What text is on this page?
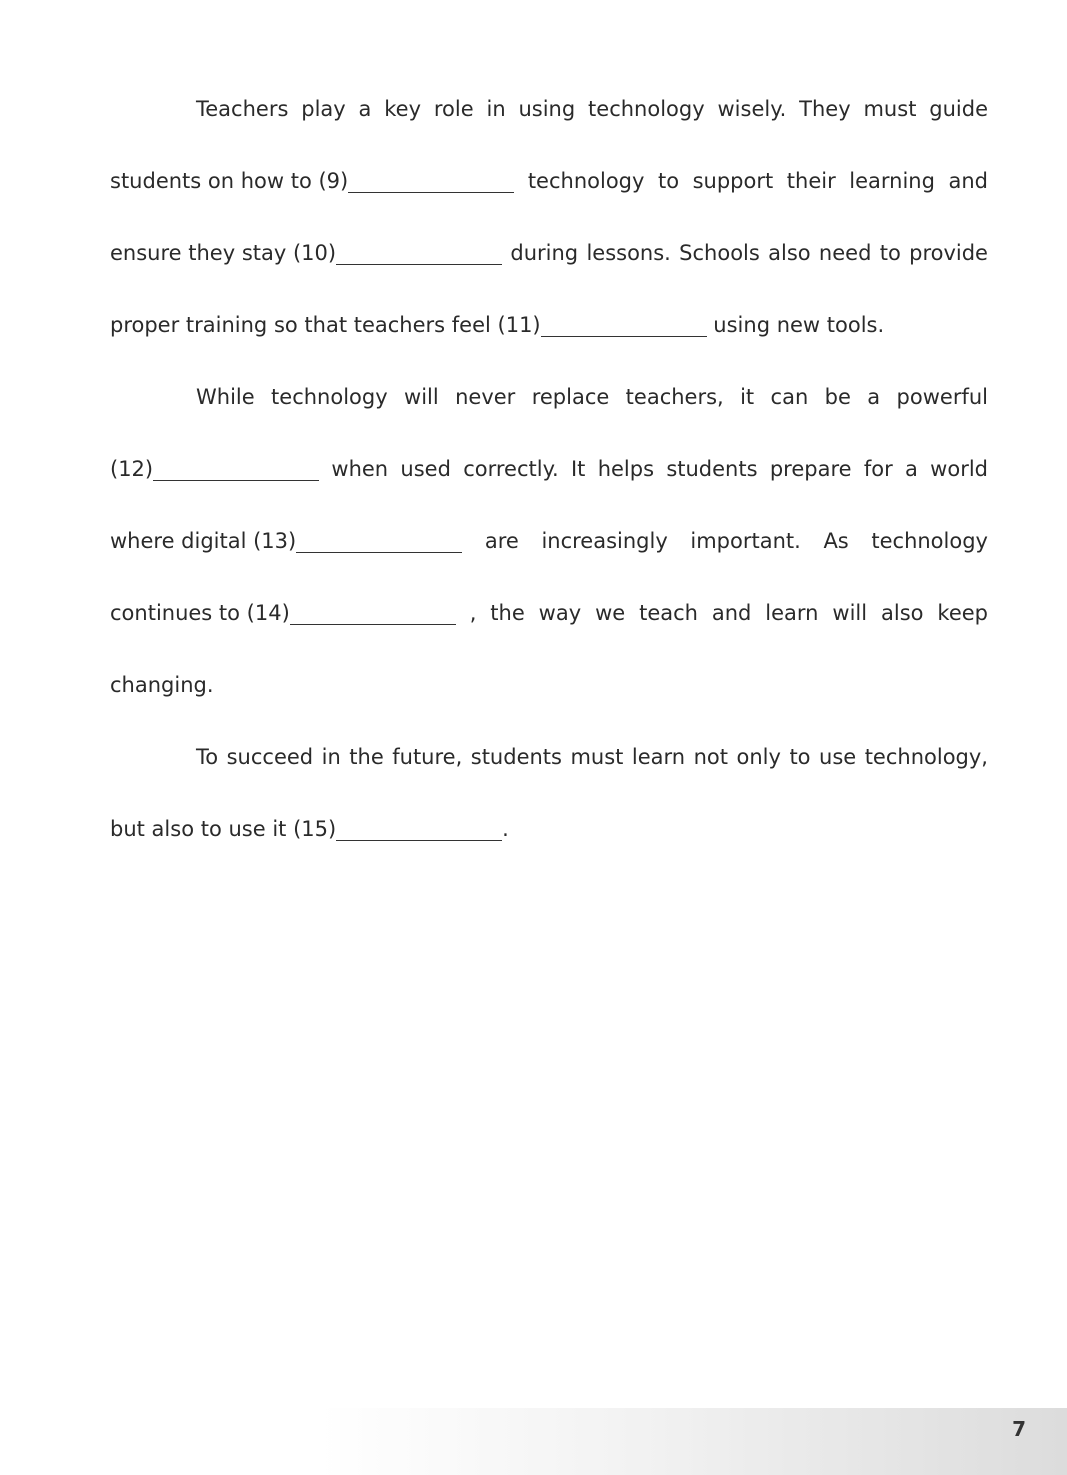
Teachers play a key role in using technology wisely. They must guide
students on how to (9)	technology to support their learning and
ensure they stay (10)	during lessons. Schools also need to provide
proper training so that teachers feel (11)	using new tools.
While technology will never replace teachers, it can be a powerful
(12)	when used correctly. It helps students prepare for a world
where digital (13)	are increasingly important. As technology
continues to (14)	, the way we teach and learn will also keep
changing.
To succeed in the future, students must learn not only to use technology,
but also to use it (15)	.
7
